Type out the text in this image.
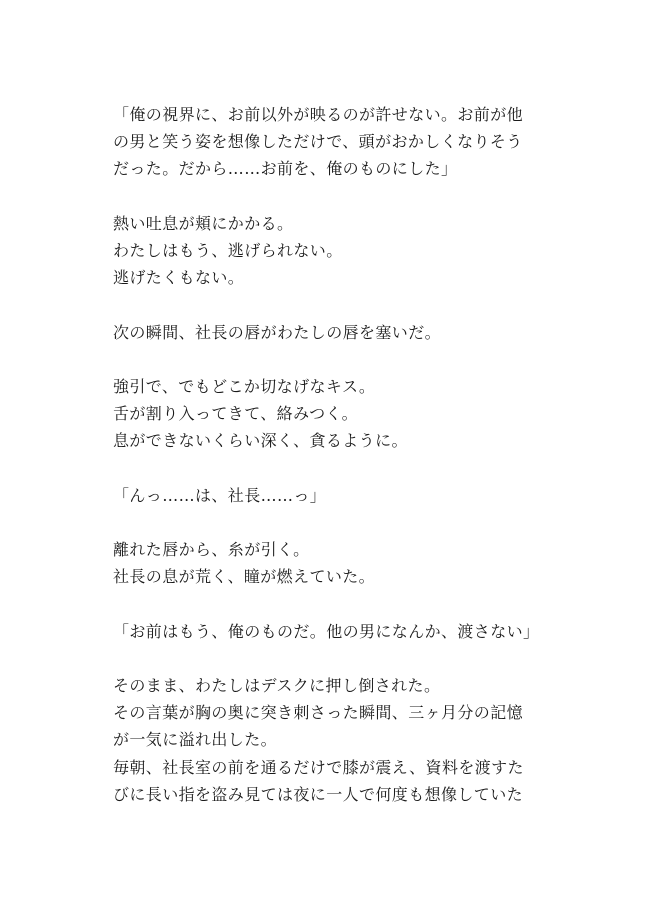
「俺の視界に、お前以外が映るのが許せない。お前が他
の男と笑う姿を想像しただけで、頭がおかしくなりそう
だった。だから……お前を、俺のものにした」
熱い吐息が頬にかかる。
わたしはもう、逃げられない。
逃げたくもない。
次の瞬間、社長の唇がわたしの唇を塞いだ。
強引で、でもどこか切なげなキス。
舌が割り入ってきて、絡みつく。
息ができないくらい深く、貪るように。
「んっ……は、社長……っ」
離れた唇から、糸が引く。
社長の息が荒く、瞳が燃えていた。
「お前はもう、俺のものだ。他の男になんか、渡さない」
そのまま、わたしはデスクに押し倒された。
その言葉が胸の奥に突き刺さった瞬間、三ヶ月分の記憶
が一気に溢れ出した。
毎朝、社長室の前を通るだけで膝が震え、資料を渡すた
びに長い指を盗み見ては夜に一人で何度も想像していた
